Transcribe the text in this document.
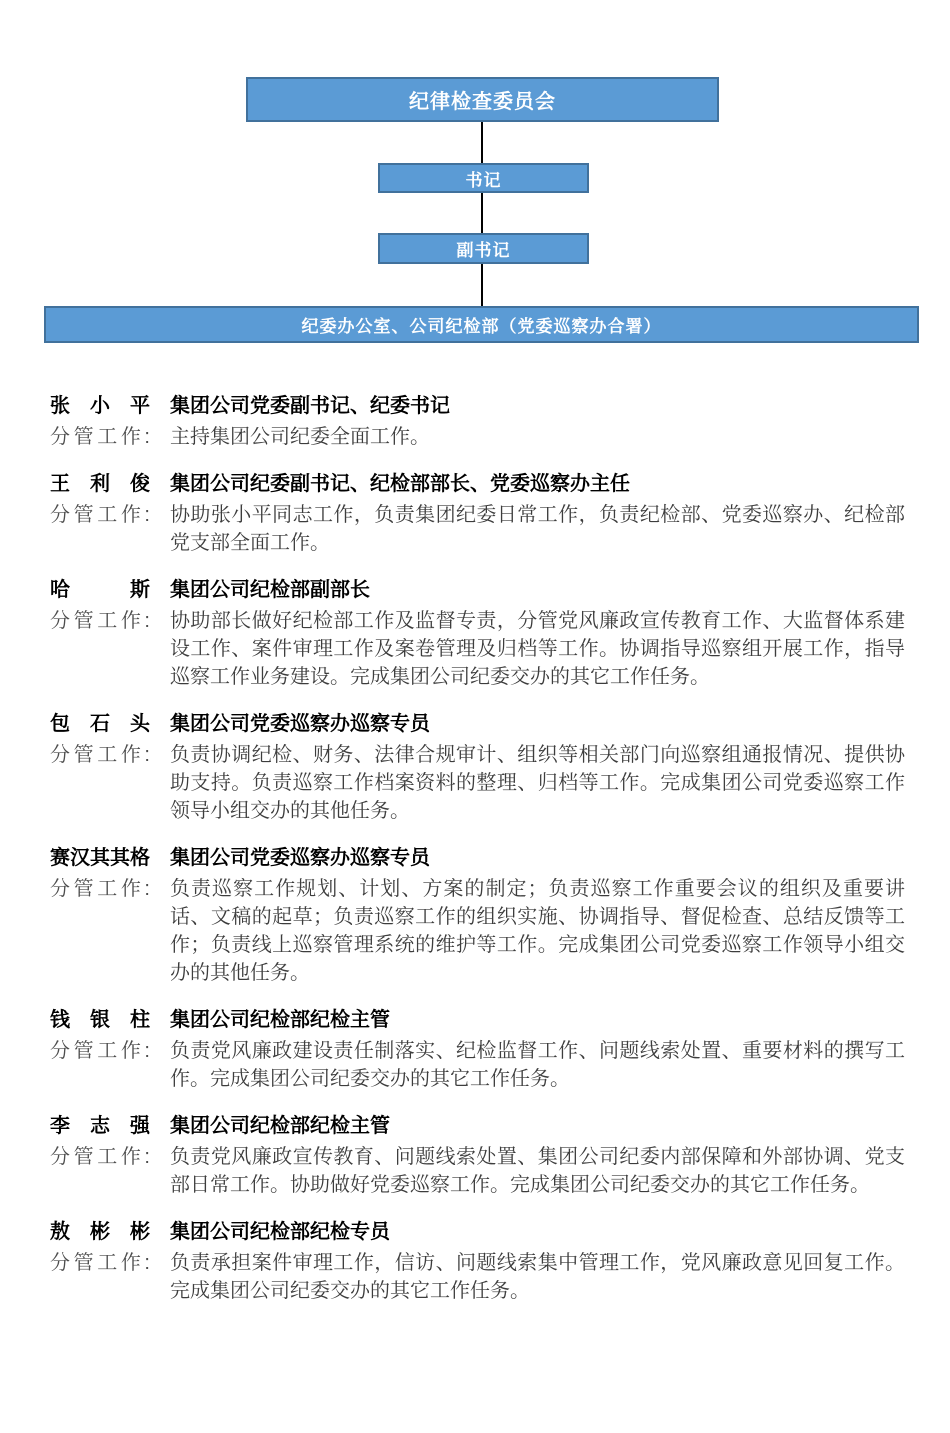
纪律检查委员会
书记
副书记
纪委办公室、公司纪检部（党委巡察办合署）
张小平 集团公司党委副书记、纪委书记
分管工作: 主持集团公司纪委全面工作。
王利俊 集团公司纪委副书记、纪检部部长、党委巡察办主任
分管工作: 协助张小平同志工作，负责集团纪委日常工作，负责纪检部、党委巡察办、纪检部党支部全面工作。
哈斯 集团公司纪检部副部长
分管工作: 协助部长做好纪检部工作及监督专责，分管党风廉政宣传教育工作、大监督体系建设工作、案件审理工作及案卷管理及归档等工作。协调指导巡察组开展工作，指导巡察工作业务建设。完成集团公司纪委交办的其它工作任务。
包石头 集团公司党委巡察办巡察专员
分管工作: 负责协调纪检、财务、法律合规审计、组织等相关部门向巡察组通报情况、提供协助支持。负责巡察工作档案资料的整理、归档等工作。完成集团公司党委巡察工作领导小组交办的其他任务。
赛汉其其格 集团公司党委巡察办巡察专员
分管工作: 负责巡察工作规划、计划、方案的制定；负责巡察工作重要会议的组织及重要讲话、文稿的起草；负责巡察工作的组织实施、协调指导、督促检查、总结反馈等工作；负责线上巡察管理系统的维护等工作。完成集团公司党委巡察工作领导小组交办的其他任务。
钱银柱 集团公司纪检部纪检主管
分管工作: 负责党风廉政建设责任制落实、纪检监督工作、问题线索处置、重要材料的撰写工作。完成集团公司纪委交办的其它工作任务。
李志强 集团公司纪检部纪检主管
分管工作: 负责党风廉政宣传教育、问题线索处置、集团公司纪委内部保障和外部协调、党支部日常工作。协助做好党委巡察工作。完成集团公司纪委交办的其它工作任务。
敖彬彬 集团公司纪检部纪检专员
分管工作: 负责承担案件审理工作，信访、问题线索集中管理工作，党风廉政意见回复工作。完成集团公司纪委交办的其它工作任务。
